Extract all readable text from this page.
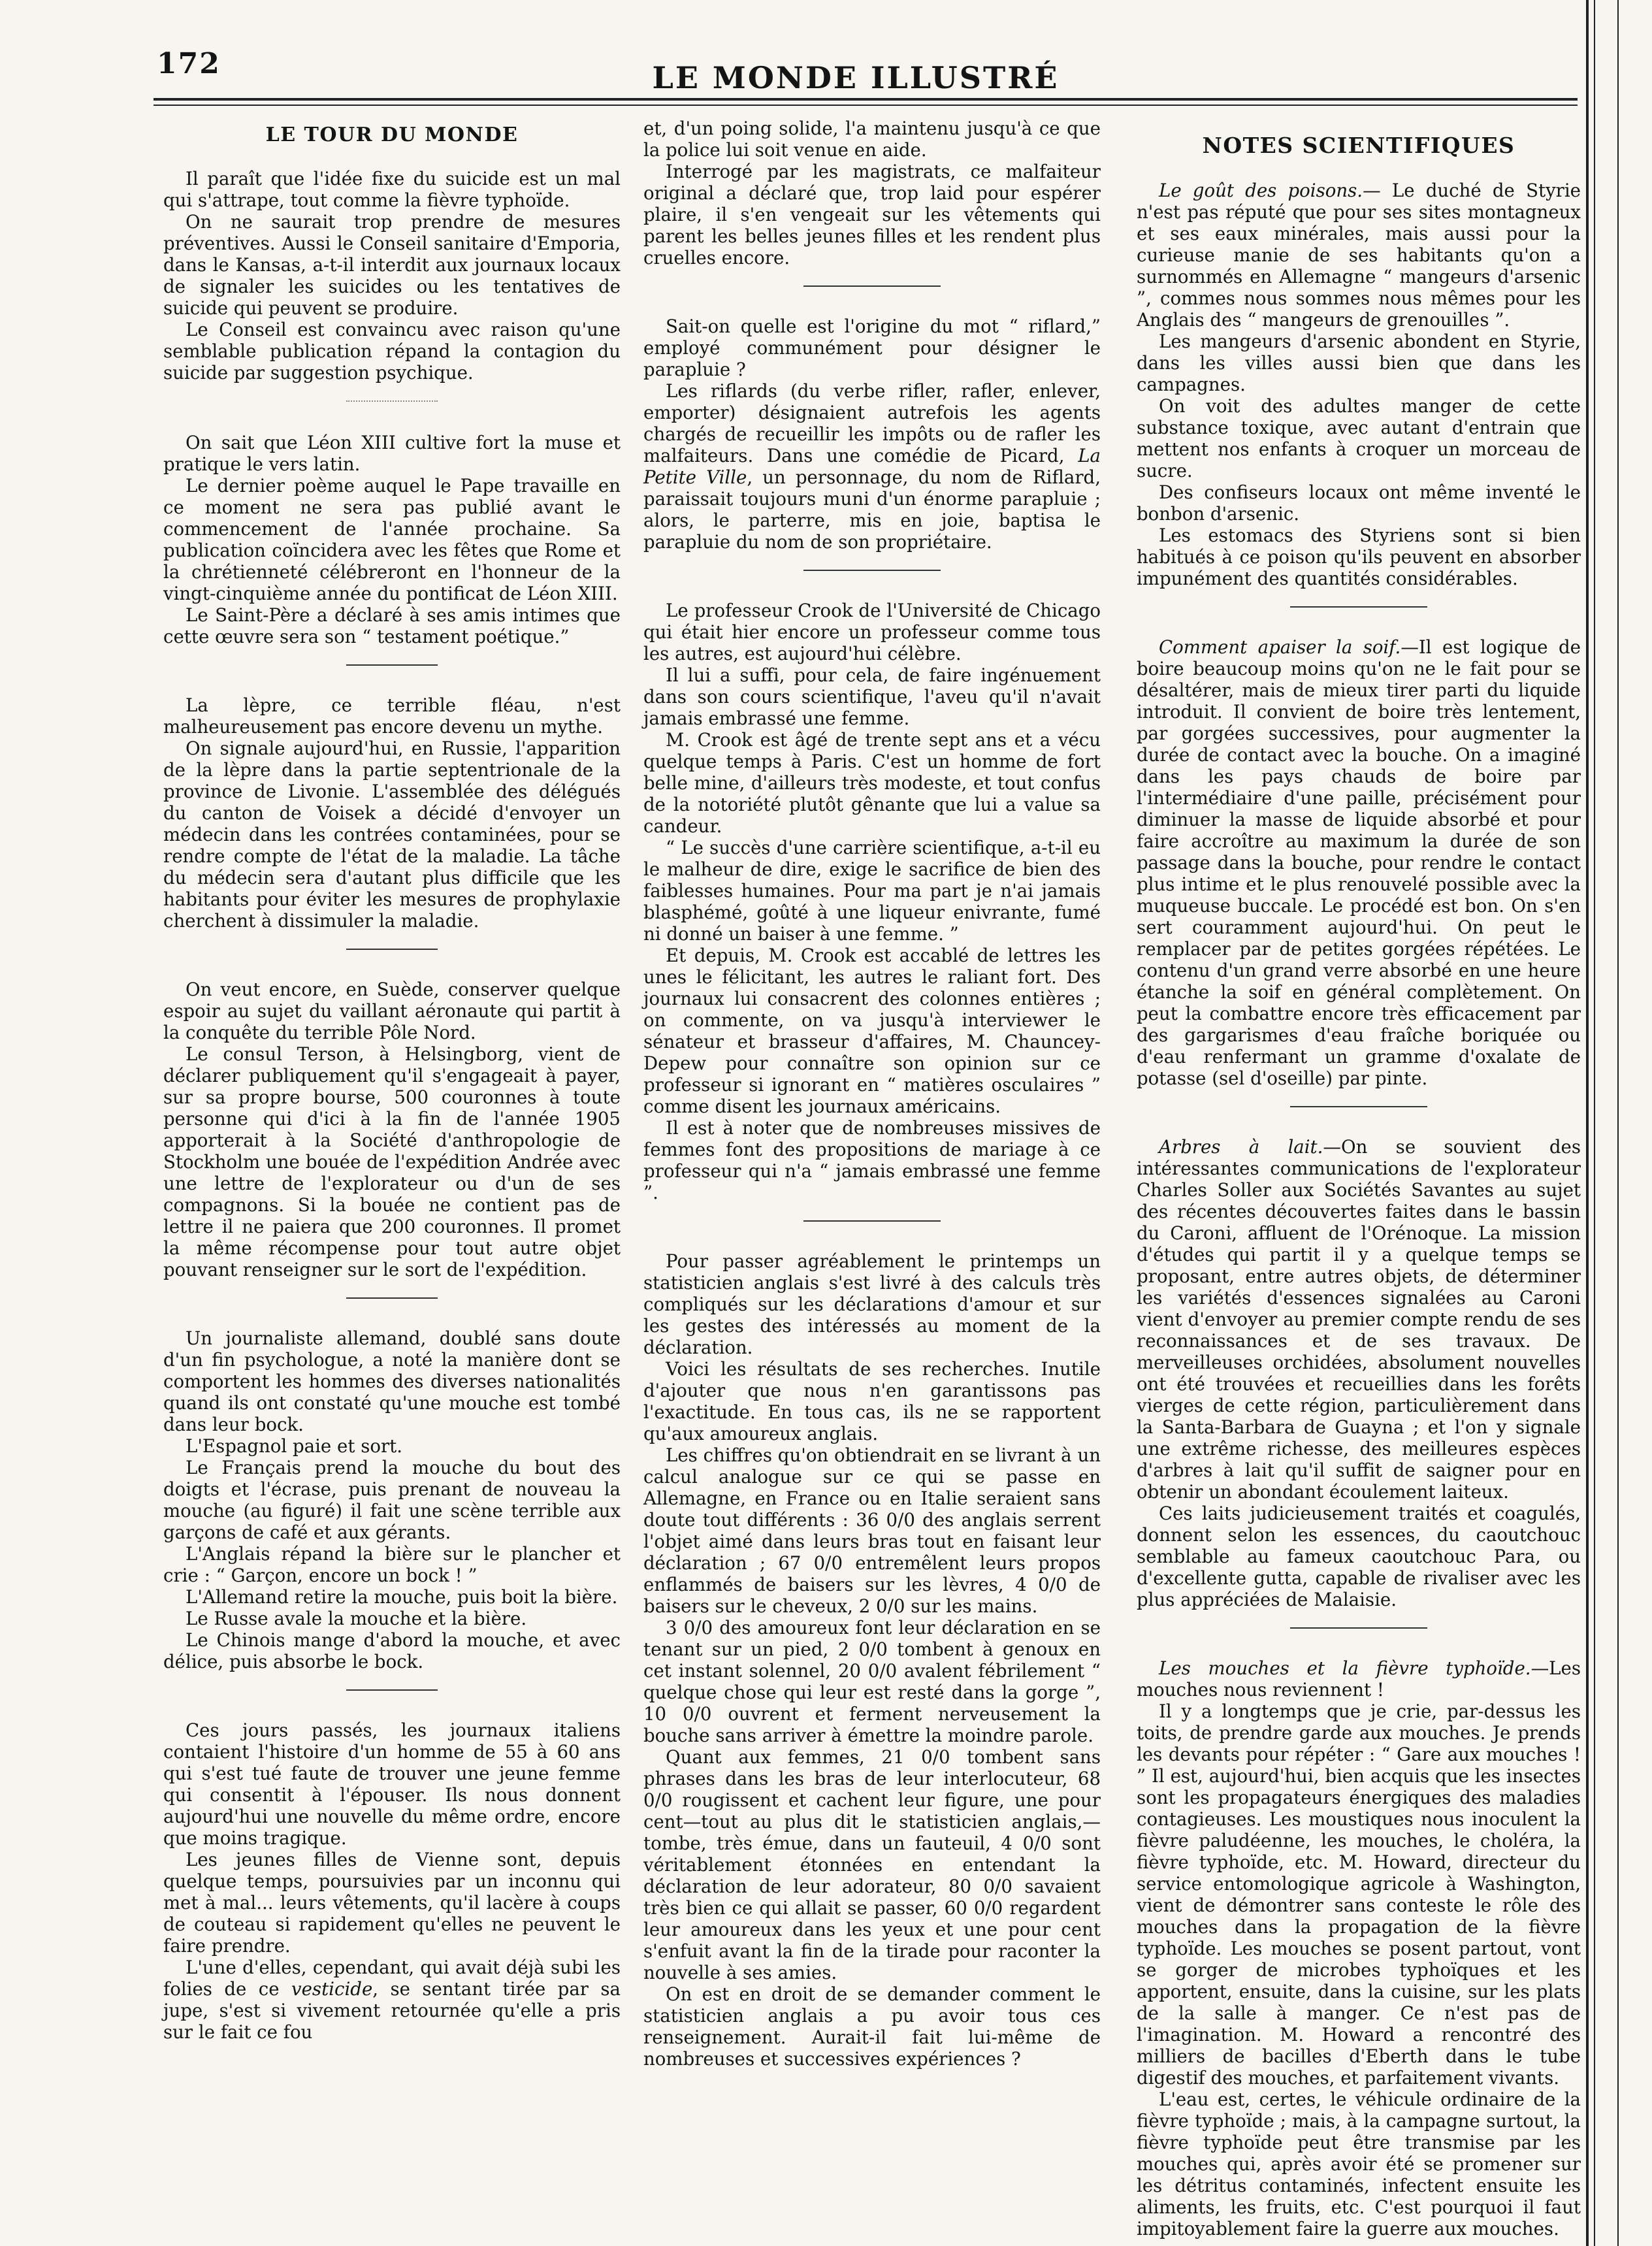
172	LE MONDE ILLUSTRÉ
LE TOUR DU MONDE

Il paraît que l'idée fixe du suicide est un mal qui s'attrape, tout comme la fièvre typhoïde.

On ne saurait trop prendre de mesures préventives. Aussi le Conseil sanitaire d'Emporia, dans le Kansas, a-t-il interdit aux journaux locaux de signaler les suicides ou les tentatives de suicide qui peuvent se produire.

Le Conseil est convaincu avec raison qu'une semblable publication répand la contagion du suicide par suggestion psychique.

On sait que Léon XIII cultive fort la muse et pratique le vers latin.

Le dernier poème auquel le Pape travaille en ce moment ne sera pas publié avant le commencement de l'année prochaine. Sa publication coïncidera avec les fêtes que Rome et la chrétienneté célébreront en l'honneur de la vingt-cinquième année du pontificat de Léon XIII.

Le Saint-Père a déclaré à ses amis intimes que cette œuvre sera son “ testament poétique.”

La lèpre, ce terrible fléau, n'est malheureusement pas encore devenu un mythe.

On signale aujourd'hui, en Russie, l'apparition de la lèpre dans la partie septentrionale de la province de Livonie. L'assemblée des délégués du canton de Voisek a décidé d'envoyer un médecin dans les contrées contaminées, pour se rendre compte de l'état de la maladie. La tâche du médecin sera d'autant plus difficile que les habitants pour éviter les mesures de prophylaxie cherchent à dissimuler la maladie.

On veut encore, en Suède, conserver quelque espoir au sujet du vaillant aéronaute qui partit à la conquête du terrible Pôle Nord.

Le consul Terson, à Helsingborg, vient de déclarer publiquement qu'il s'engageait à payer, sur sa propre bourse, 500 couronnes à toute personne qui d'ici à la fin de l'année 1905 apporterait à la Société d'anthropologie de Stockholm une bouée de l'expédition Andrée avec une lettre de l'explorateur ou d'un de ses compagnons. Si la bouée ne contient pas de lettre il ne paiera que 200 couronnes. Il promet la même récompense pour tout autre objet pouvant renseigner sur le sort de l'expédition.

Un journaliste allemand, doublé sans doute d'un fin psychologue, a noté la manière dont se comportent les hommes des diverses nationalités quand ils ont constaté qu'une mouche est tombé dans leur bock.

L'Espagnol paie et sort.

Le Français prend la mouche du bout des doigts et l'écrase, puis prenant de nouveau la mouche (au figuré) il fait une scène terrible aux garçons de café et aux gérants.

L'Anglais répand la bière sur le plancher et crie : “ Garçon, encore un bock ! ”

L'Allemand retire la mouche, puis boit la bière.

Le Russe avale la mouche et la bière.

Le Chinois mange d'abord la mouche, et avec délice, puis absorbe le bock.

Ces jours passés, les journaux italiens contaient l'histoire d'un homme de 55 à 60 ans qui s'est tué faute de trouver une jeune femme qui consentit à l'épouser. Ils nous donnent aujourd'hui une nouvelle du même ordre, encore que moins tragique.

Les jeunes filles de Vienne sont, depuis quelque temps, poursuivies par un inconnu qui met à mal... leurs vêtements, qu'il lacère à coups de couteau si rapidement qu'elles ne peuvent le faire prendre.

L'une d'elles, cependant, qui avait déjà subi les folies de ce vesticide, se sentant tirée par sa jupe, s'est si vivement retournée qu'elle a pris sur le fait ce fou

et, d'un poing solide, l'a maintenu jusqu'à ce que la police lui soit venue en aide.

Interrogé par les magistrats, ce malfaiteur original a déclaré que, trop laid pour espérer plaire, il s'en vengeait sur les vêtements qui parent les belles jeunes filles et les rendent plus cruelles encore.

Sait-on quelle est l'origine du mot “ riflard,” employé communément pour désigner le parapluie ?

Les riflards (du verbe rifler, rafler, enlever, emporter) désignaient autrefois les agents chargés de recueillir les impôts ou de rafler les malfaiteurs. Dans une comédie de Picard, La Petite Ville, un personnage, du nom de Riflard, paraissait toujours muni d'un énorme parapluie ; alors, le parterre, mis en joie, baptisa le parapluie du nom de son propriétaire.

Le professeur Crook de l'Université de Chicago qui était hier encore un professeur comme tous les autres, est aujourd'hui célèbre.

Il lui a suffi, pour cela, de faire ingénuement dans son cours scientifique, l'aveu qu'il n'avait jamais embrassé une femme.

M. Crook est âgé de trente sept ans et a vécu quelque temps à Paris. C'est un homme de fort belle mine, d'ailleurs très modeste, et tout confus de la notoriété plutôt gênante que lui a value sa candeur.

“ Le succès d'une carrière scientifique, a-t-il eu le malheur de dire, exige le sacrifice de bien des faiblesses humaines. Pour ma part je n'ai jamais blasphémé, goûté à une liqueur enivrante, fumé ni donné un baiser à une femme. ”

Et depuis, M. Crook est accablé de lettres les unes le félicitant, les autres le raliant fort. Des journaux lui consacrent des colonnes entières ; on commente, on va jusqu'à interviewer le sénateur et brasseur d'affaires, M. Chauncey-Depew pour connaître son opinion sur ce professeur si ignorant en “ matières osculaires ” comme disent les journaux américains.

Il est à noter que de nombreuses missives de femmes font des propositions de mariage à ce professeur qui n'a “ jamais embrassé une femme ”.

Pour passer agréablement le printemps un statisticien anglais s'est livré à des calculs très compliqués sur les déclarations d'amour et sur les gestes des intéressés au moment de la déclaration.

Voici les résultats de ses recherches. Inutile d'ajouter que nous n'en garantissons pas l'exactitude. En tous cas, ils ne se rapportent qu'aux amoureux anglais.

Les chiffres qu'on obtiendrait en se livrant à un calcul analogue sur ce qui se passe en Allemagne, en France ou en Italie seraient sans doute tout différents : 36 0/0 des anglais serrent l'objet aimé dans leurs bras tout en faisant leur déclaration ; 67 0/0 entremêlent leurs propos enflammés de baisers sur les lèvres, 4 0/0 de baisers sur le cheveux, 2 0/0 sur les mains.

3 0/0 des amoureux font leur déclaration en se tenant sur un pied, 2 0/0 tombent à genoux en cet instant solennel, 20 0/0 avalent fébrilement “ quelque chose qui leur est resté dans la gorge ”, 10 0/0 ouvrent et ferment nerveusement la bouche sans arriver à émettre la moindre parole.

Quant aux femmes, 21 0/0 tombent sans phrases dans les bras de leur interlocuteur, 68 0/0 rougissent et cachent leur figure, une pour cent—tout au plus dit le statisticien anglais,—tombe, très émue, dans un fauteuil, 4 0/0 sont véritablement étonnées en entendant la déclaration de leur adorateur, 80 0/0 savaient très bien ce qui allait se passer, 60 0/0 regardent leur amoureux dans les yeux et une pour cent s'enfuit avant la fin de la tirade pour raconter la nouvelle à ses amies.

On est en droit de se demander comment le statisticien anglais a pu avoir tous ces renseignement. Aurait-il fait lui-même de nombreuses et successives expériences ?

NOTES SCIENTIFIQUES

Le goût des poisons.— Le duché de Styrie n'est pas réputé que pour ses sites montagneux et ses eaux minérales, mais aussi pour la curieuse manie de ses habitants qu'on a surnommés en Allemagne “ mangeurs d'arsenic ”, commes nous sommes nous mêmes pour les Anglais des “ mangeurs de grenouilles ”.

Les mangeurs d'arsenic abondent en Styrie, dans les villes aussi bien que dans les campagnes.

On voit des adultes manger de cette substance toxique, avec autant d'entrain que mettent nos enfants à croquer un morceau de sucre.

Des confiseurs locaux ont même inventé le bonbon d'arsenic.

Les estomacs des Styriens sont si bien habitués à ce poison qu'ils peuvent en absorber impunément des quantités considérables.

Comment apaiser la soif.—Il est logique de boire beaucoup moins qu'on ne le fait pour se désaltérer, mais de mieux tirer parti du liquide introduit. Il convient de boire très lentement, par gorgées successives, pour augmenter la durée de contact avec la bouche. On a imaginé dans les pays chauds de boire par l'intermédiaire d'une paille, précisément pour diminuer la masse de liquide absorbé et pour faire accroître au maximum la durée de son passage dans la bouche, pour rendre le contact plus intime et le plus renouvelé possible avec la muqueuse buccale. Le procédé est bon. On s'en sert couramment aujourd'hui. On peut le remplacer par de petites gorgées répétées. Le contenu d'un grand verre absorbé en une heure étanche la soif en général complètement. On peut la combattre encore très efficacement par des gargarismes d'eau fraîche boriquée ou d'eau renfermant un gramme d'oxalate de potasse (sel d'oseille) par pinte.

Arbres à lait.—On se souvient des intéressantes communications de l'explorateur Charles Soller aux Sociétés Savantes au sujet des récentes découvertes faites dans le bassin du Caroni, affluent de l'Orénoque. La mission d'études qui partit il y a quelque temps se proposant, entre autres objets, de déterminer les variétés d'essences signalées au Caroni vient d'envoyer au premier compte rendu de ses reconnaissances et de ses travaux. De merveilleuses orchidées, absolument nouvelles ont été trouvées et recueillies dans les forêts vierges de cette région, particulièrement dans la Santa-Barbara de Guayna ; et l'on y signale une extrême richesse, des meilleures espèces d'arbres à lait qu'il suffit de saigner pour en obtenir un abondant écoulement laiteux.

Ces laits judicieusement traités et coagulés, donnent selon les essences, du caoutchouc semblable au fameux caoutchouc Para, ou d'excellente gutta, capable de rivaliser avec les plus appréciées de Malaisie.

Les mouches et la fièvre typhoïde.—Les mouches nous reviennent !

Il y a longtemps que je crie, par-dessus les toits, de prendre garde aux mouches. Je prends les devants pour répéter : “ Gare aux mouches ! ” Il est, aujourd'hui, bien acquis que les insectes sont les propagateurs énergiques des maladies contagieuses. Les moustiques nous inoculent la fièvre paludéenne, les mouches, le choléra, la fièvre typhoïde, etc. M. Howard, directeur du service entomologique agricole à Washington, vient de démontrer sans conteste le rôle des mouches dans la propagation de la fièvre typhoïde. Les mouches se posent partout, vont se gorger de microbes typhoïques et les apportent, ensuite, dans la cuisine, sur les plats de la salle à manger. Ce n'est pas de l'imagination. M. Howard a rencontré des milliers de bacilles d'Eberth dans le tube digestif des mouches, et parfaitement vivants.

L'eau est, certes, le véhicule ordinaire de la fièvre typhoïde ; mais, à la campagne surtout, la fièvre typhoïde peut être transmise par les mouches qui, après avoir été se promener sur les détritus contaminés, infectent ensuite les aliments, les fruits, etc. C'est pourquoi il faut impitoyablement faire la guerre aux mouches.
